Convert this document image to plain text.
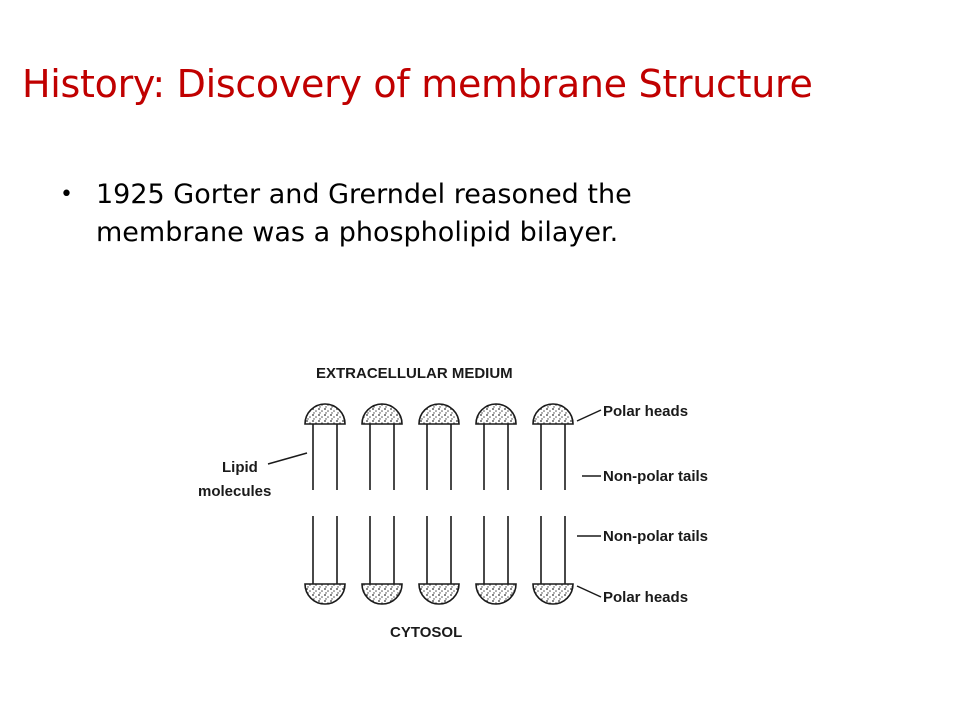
History: Discovery of membrane Structure
• 1925 Gorter and Grerndel reasoned the
membrane was a phospholipid bilayer.
EXTRACELLULAR MEDIUM
CYTOSOL
Lipid
molecules
Polar heads
Non-polar tails
Non-polar tails
Polar heads
